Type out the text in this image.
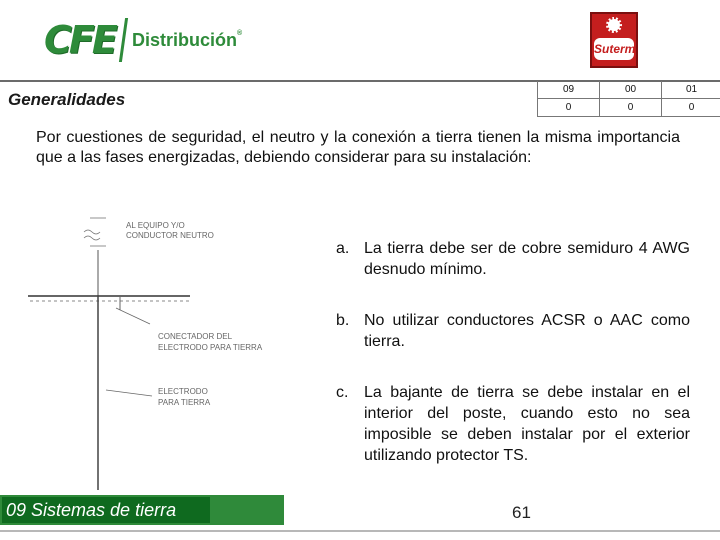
CFE Distribución®
Suterm
Generalidades
09	00	01
0	0	0
Por cuestiones de seguridad, el neutro y la conexión a tierra tienen la misma importancia que a las fases energizadas, debiendo considerar para su instalación:
AL EQUIPO Y/O
CONDUCTOR NEUTRO
CONECTADOR DEL
ELECTRODO PARA TIERRA
ELECTRODO
PARA TIERRA
a. La tierra debe ser de cobre semiduro 4 AWG desnudo mínimo.
b. No utilizar conductores ACSR o AAC como tierra.
c. La bajante de tierra se debe instalar en el interior del poste, cuando esto no sea imposible se deben instalar por el exterior utilizando protector TS.
09 Sistemas de tierra	61
